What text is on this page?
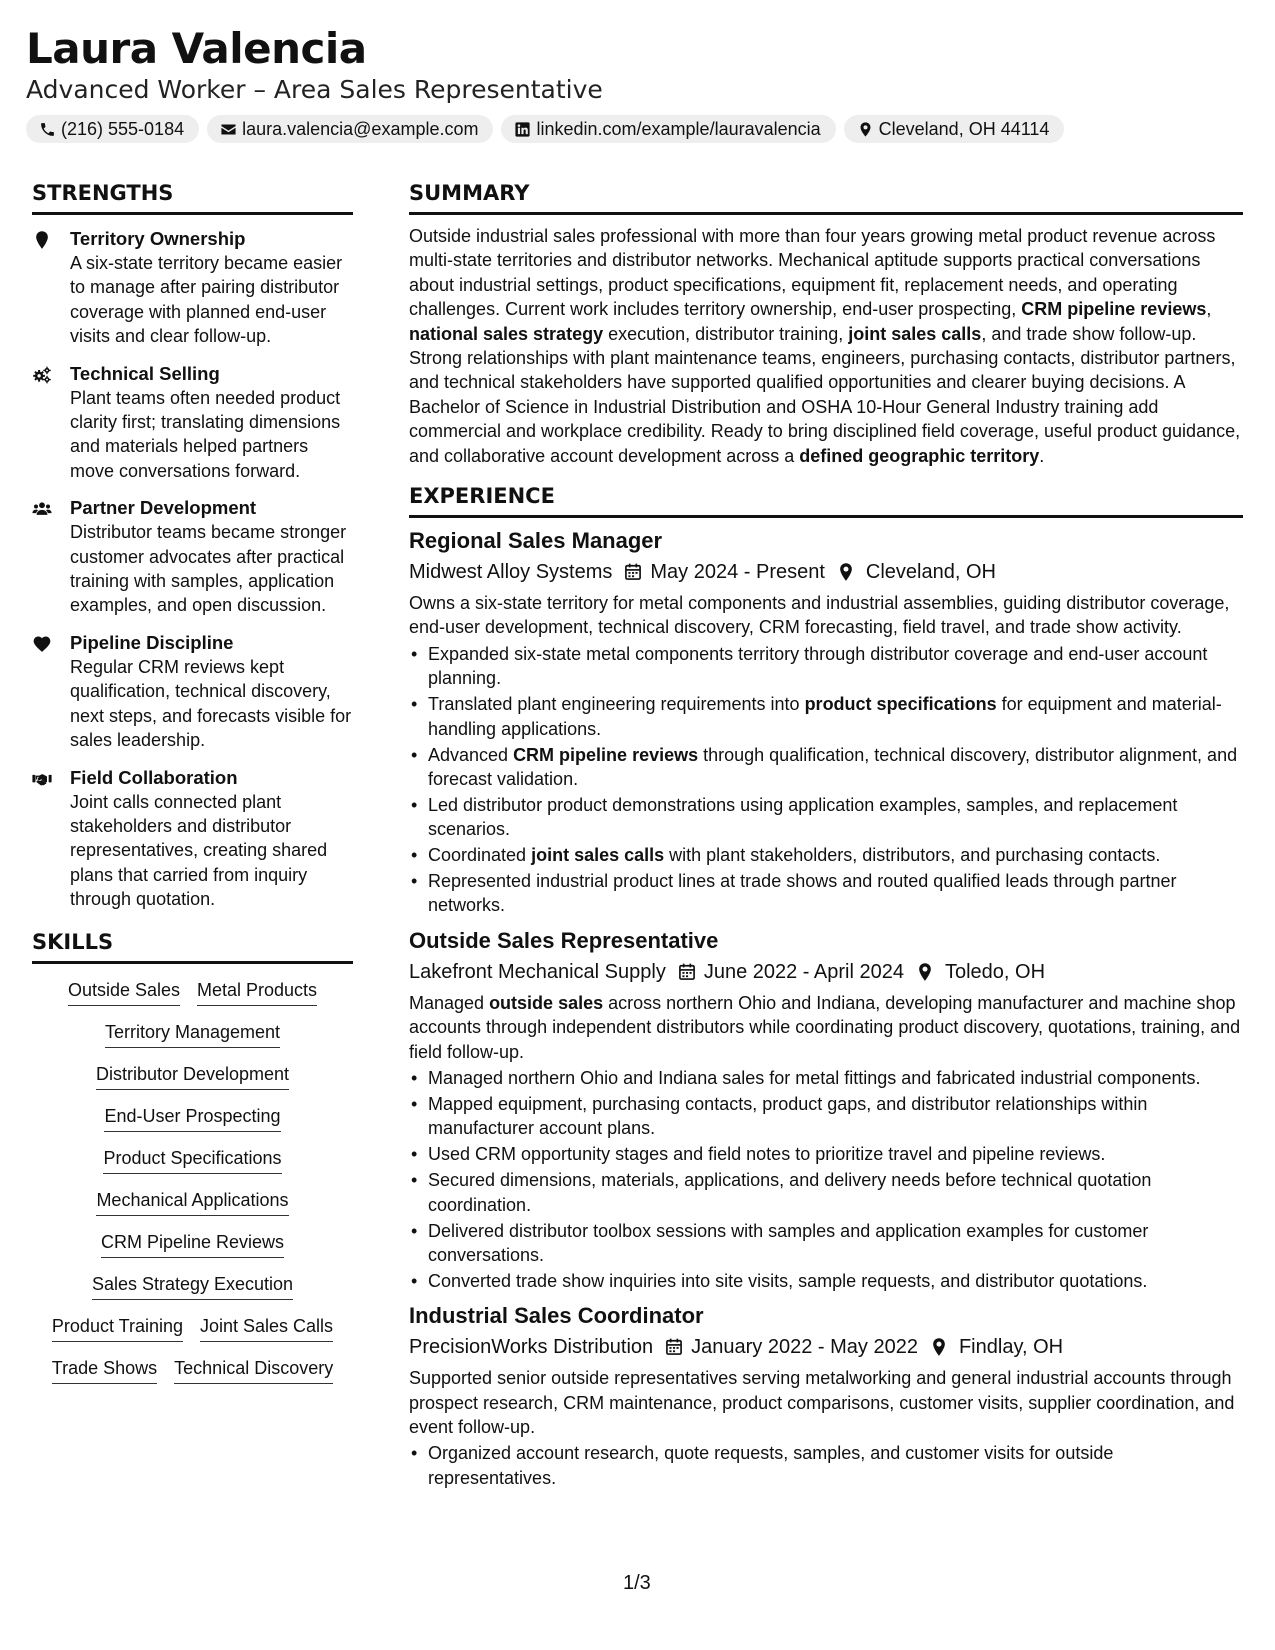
Laura Valencia
Advanced Worker – Area Sales Representative
(216) 555-0184	laura.valencia@example.com	linkedin.com/example/lauravalencia	Cleveland, OH 44114
STRENGTHS
Territory Ownership
A six-state territory became easier to manage after pairing distributor coverage with planned end-user visits and clear follow-up.
Technical Selling
Plant teams often needed product clarity first; translating dimensions and materials helped partners move conversations forward.
Partner Development
Distributor teams became stronger customer advocates after practical training with samples, application examples, and open discussion.
Pipeline Discipline
Regular CRM reviews kept qualification, technical discovery, next steps, and forecasts visible for sales leadership.
Field Collaboration
Joint calls connected plant stakeholders and distributor representatives, creating shared plans that carried from inquiry through quotation.
SKILLS
Outside Sales Metal Products
Territory Management
Distributor Development
End-User Prospecting
Product Specifications
Mechanical Applications
CRM Pipeline Reviews
Sales Strategy Execution
Product Training Joint Sales Calls
Trade Shows Technical Discovery
SUMMARY
Outside industrial sales professional with more than four years growing metal product revenue across multi-state territories and distributor networks. Mechanical aptitude supports practical conversations about industrial settings, product specifications, equipment fit, replacement needs, and operating challenges. Current work includes territory ownership, end-user prospecting, CRM pipeline reviews, national sales strategy execution, distributor training, joint sales calls, and trade show follow-up. Strong relationships with plant maintenance teams, engineers, purchasing contacts, distributor partners, and technical stakeholders have supported qualified opportunities and clearer buying decisions. A Bachelor of Science in Industrial Distribution and OSHA 10-Hour General Industry training add commercial and workplace credibility. Ready to bring disciplined field coverage, useful product guidance, and collaborative account development across a defined geographic territory.
EXPERIENCE
Regional Sales Manager
Midwest Alloy Systems May 2024 - Present Cleveland, OH
Owns a six-state territory for metal components and industrial assemblies, guiding distributor coverage, end-user development, technical discovery, CRM forecasting, field travel, and trade show activity.
• Expanded six-state metal components territory through distributor coverage and end-user account planning.
• Translated plant engineering requirements into product specifications for equipment and material-handling applications.
• Advanced CRM pipeline reviews through qualification, technical discovery, distributor alignment, and forecast validation.
• Led distributor product demonstrations using application examples, samples, and replacement scenarios.
• Coordinated joint sales calls with plant stakeholders, distributors, and purchasing contacts.
• Represented industrial product lines at trade shows and routed qualified leads through partner networks.
Outside Sales Representative
Lakefront Mechanical Supply June 2022 - April 2024 Toledo, OH
Managed outside sales across northern Ohio and Indiana, developing manufacturer and machine shop accounts through independent distributors while coordinating product discovery, quotations, training, and field follow-up.
• Managed northern Ohio and Indiana sales for metal fittings and fabricated industrial components.
• Mapped equipment, purchasing contacts, product gaps, and distributor relationships within manufacturer account plans.
• Used CRM opportunity stages and field notes to prioritize travel and pipeline reviews.
• Secured dimensions, materials, applications, and delivery needs before technical quotation coordination.
• Delivered distributor toolbox sessions with samples and application examples for customer conversations.
• Converted trade show inquiries into site visits, sample requests, and distributor quotations.
Industrial Sales Coordinator
PrecisionWorks Distribution January 2022 - May 2022 Findlay, OH
Supported senior outside representatives serving metalworking and general industrial accounts through prospect research, CRM maintenance, product comparisons, customer visits, supplier coordination, and event follow-up.
• Organized account research, quote requests, samples, and customer visits for outside representatives.
1/3
